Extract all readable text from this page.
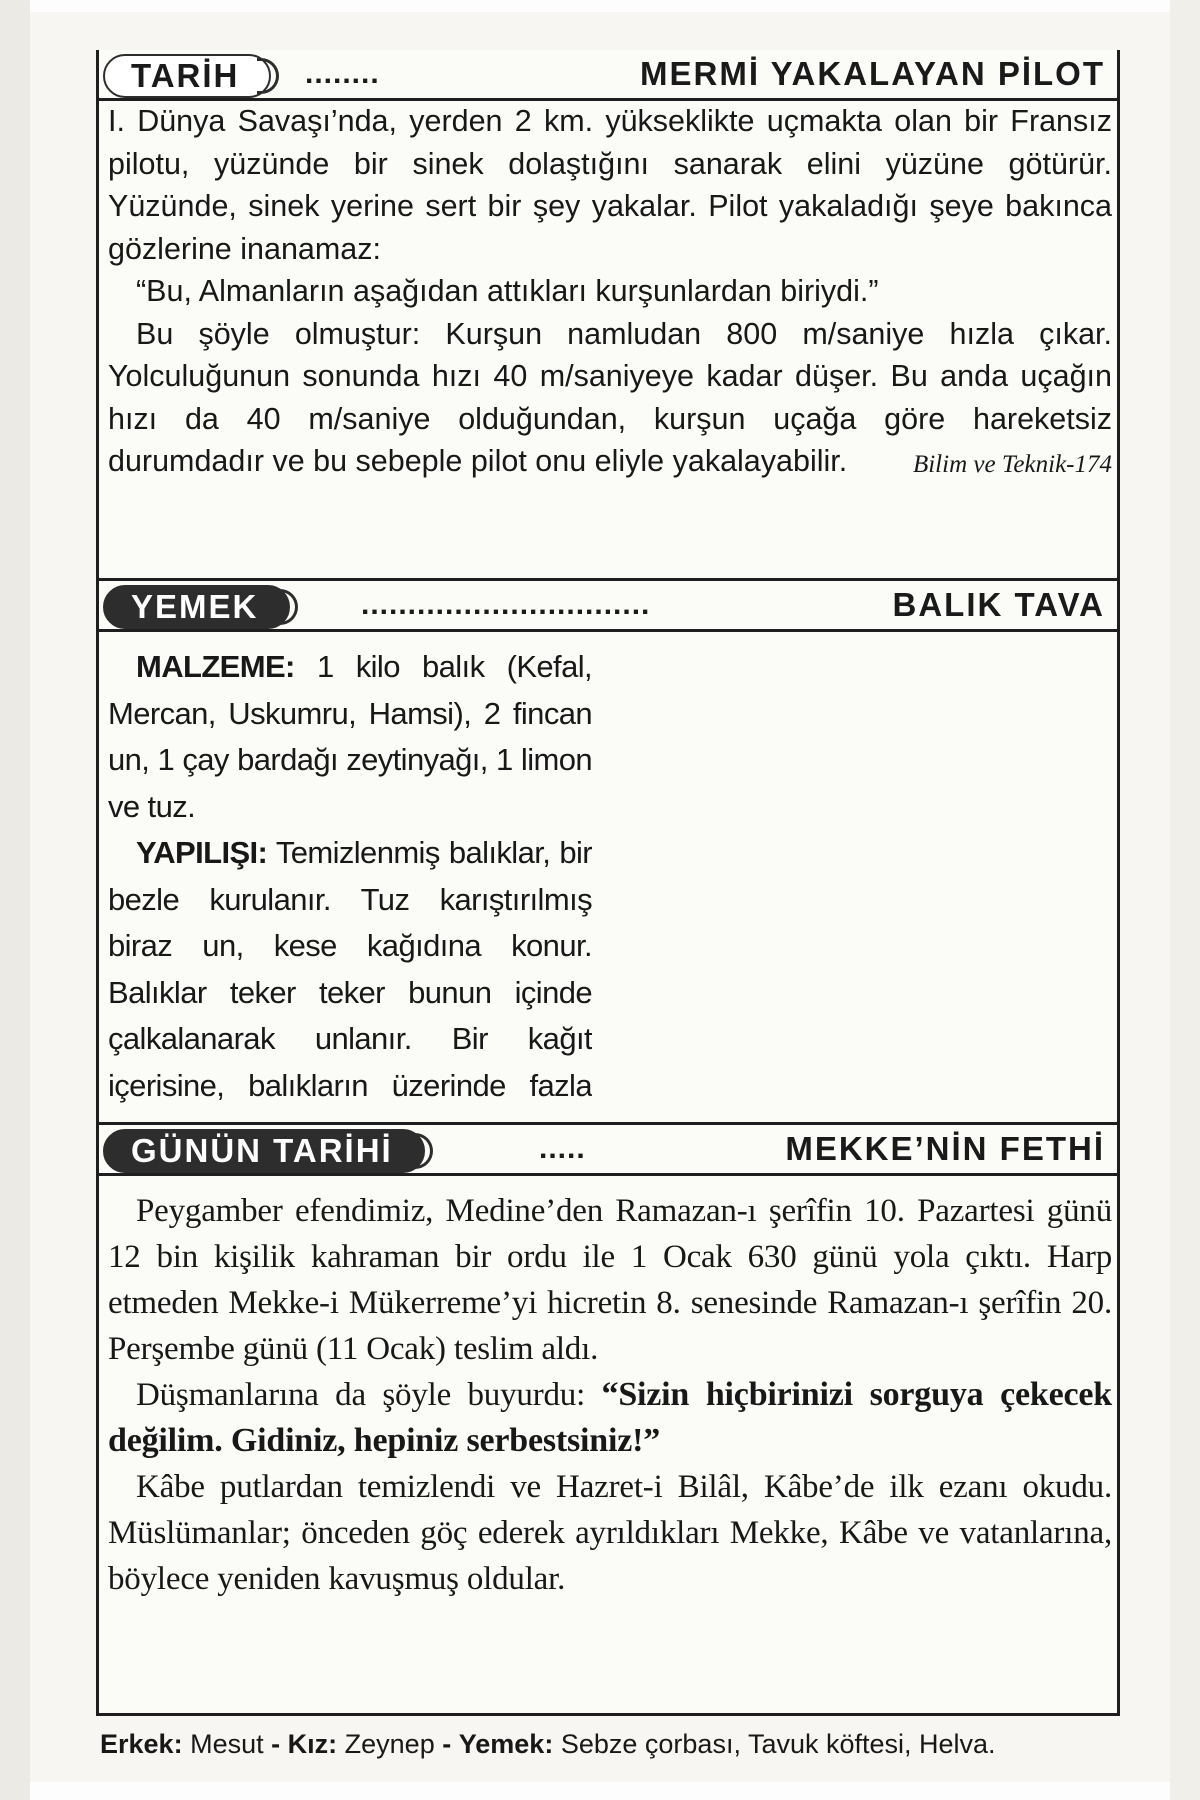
TARİH	........	MERMİ YAKALAYAN PİLOT

I. Dünya Savaşı’nda, yerden 2 km. yükseklikte uçmakta olan bir Fransız pilotu, yüzünde bir sinek dolaştığını sanarak elini yüzüne götürür. Yüzünde, sinek yerine sert bir şey yakalar. Pilot yakaladığı şeye bakınca gözlerine inanamaz:

“Bu, Almanların aşağıdan attıkları kurşunlardan biriydi.”

Bu şöyle olmuştur: Kurşun namludan 800 m/saniye hızla çıkar. Yolculuğunun sonunda hızı 40 m/saniyeye kadar düşer. Bu anda uçağın hızı da 40 m/saniye olduğundan, kurşun uçağa göre hareketsiz durumdadır ve bu sebeple pilot onu eliyle yakalayabilir.	Bilim ve Teknik-174

YEMEK	...............................	BALIK TAVA
MALZEME: 1 kilo balık (Kefal, Mercan, Uskumru, Hamsi), 2 fincan un, 1 çay bardağı zeytinyağı, 1 limon ve tuz.
YAPILIŞI: Temizlenmiş balıklar, bir bezle kurulanır. Tuz karıştırılmış biraz un, kese kağıdına konur. Balıklar teker teker bunun içinde çalkalanarak unlanır. Bir kağıt içerisine, balıkların üzerinde fazla
GÜNÜN TARİHİ	.....	MEKKE’NİN FETHİ

Peygamber efendimiz, Medine’den Ramazan-ı şerîfin 10. Pazartesi günü 12 bin kişilik kahraman bir ordu ile 1 Ocak 630 günü yola çıktı. Harp etmeden Mekke-i Mükerreme’yi hicretin 8. senesinde Ramazan-ı şerîfin 20. Perşembe günü (11 Ocak) teslim aldı.

Düşmanlarına da şöyle buyurdu: “Sizin hiçbirinizi sorguya çekecek değilim. Gidiniz, hepiniz serbestsiniz!”

Kâbe putlardan temizlendi ve Hazret-i Bilâl, Kâbe’de ilk ezanı okudu. Müslümanlar; önceden göç ederek ayrıldıkları Mekke, Kâbe ve vatanlarına, böylece yeniden kavuşmuş oldular.

Erkek: Mesut - Kız: Zeynep - Yemek: Sebze çorbası, Tavuk köftesi, Helva.
